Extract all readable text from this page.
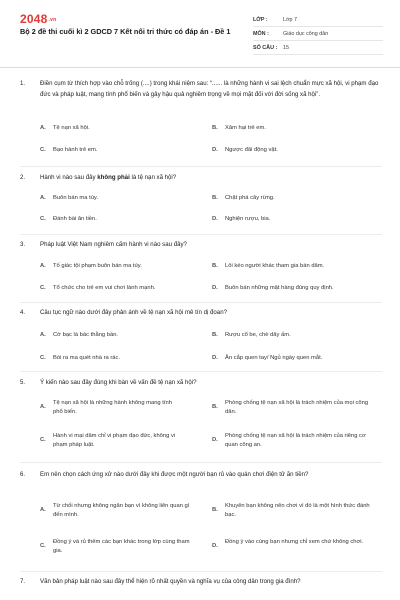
2048.vn
Bộ 2 đề thi cuối kì 2 GDCD 7 Kết nối tri thức có đáp án - Đề 1
LỚP :	Lớp 7
MÔN :	Giáo dục công dân
SỐ CÂU :	15
1.	Điền cụm từ thích hợp vào chỗ trống (....) trong khái niệm sau: “...... là những hành vi sai lệch chuẩn mực xã hội, vi phạm đạo đức và pháp luật, mang tính phổ biến và gây hậu quả nghiêm trọng về mọi mặt đối với đời sống xã hội”.
A. Tệ nạn xã hội.	B. Xâm hại trẻ em.
C. Bạo hành trẻ em.	D. Ngược đãi động vật.
2.	Hành vi nào sau đây không phải là tệ nạn xã hội?
A. Buôn bán ma túy.	B. Chặt phá cây rừng.
C. Đánh bài ăn tiền.	D. Nghiện rượu, bia.
3.	Pháp luật Việt Nam nghiêm cấm hành vi nào sau đây?
A. Tố giác tội phạm buôn bán ma túy.	B. Lôi kéo người khác tham gia bán dâm.
C. Tổ chức cho trẻ em vui chơi lành mạnh.	D. Buôn bán những mặt hàng đúng quy định.
4.	Câu tục ngữ nào dưới đây phản ánh về tệ nạn xã hội mê tín dị đoan?
A. Cờ bạc là bác thằng bần.	B. Rượu cổ be, chè dây ấm.
C. Bói ra ma quét nhà ra rác.	D. Ăn cắp quen tay/ Ngủ ngày quen mắt.
5.	Ý kiến nào sau đây đúng khi bàn về vấn đề tệ nạn xã hội?
A.
Tệ nạn xã hội là những hành không mang tính phổ biến.
B.
Phòng chống tệ nạn xã hội là trách nhiệm của mọi công dân.
C.
Hành vi mại dâm chỉ vi phạm đạo đức, không vi phạm pháp luật.
D.
Phòng chống tệ nạn xã hội là trách nhiệm của riêng cơ quan công an.
6.	Em nên chọn cách ứng xử nào dưới đây khi được một người bạn rủ vào quán chơi điện tử ăn tiền?
A.
Từ chối nhưng không ngăn bạn vì không liên quan gì đến mình.
B.
Khuyên bạn không nên chơi vì đó là một hình thức đánh bạc.
C.
Đồng ý và rủ thêm các bạn khác trong lớp cùng tham gia.
D.
Đồng ý vào cùng bạn nhưng chỉ xem chứ không chơi.
7.	Văn bản pháp luật nào sau đây thể hiện rõ nhất quyền và nghĩa vụ của công dân trong gia đình?
